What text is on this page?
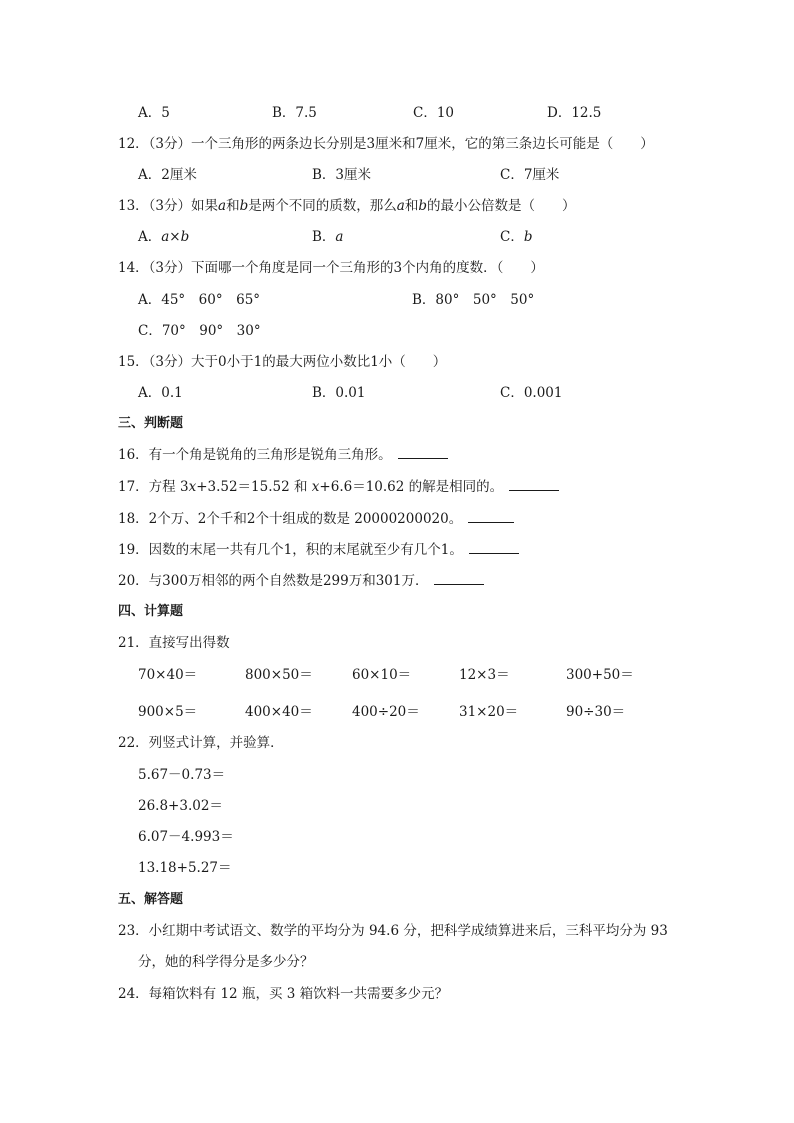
A．5	B．7.5	C．10	D．12.5
12．（3分）一个三角形的两条边长分别是3厘米和7厘米，它的第三条边长可能是（　　）
A．2厘米	B．3厘米	C．7厘米
13．（3分）如果a和b是两个不同的质数，那么a和b的最小公倍数是（　　）
A．a×b	B．a	C．b
14．（3分）下面哪一个角度是同一个三角形的3个内角的度数．（　　）
A．45°　60°　65°	B．80°　50°　50°
C．70°　90°　30°
15．（3分）大于0小于1的最大两位小数比1小（　　）
A．0.1	B．0.01	C．0.001
三、判断题
16．有一个角是锐角的三角形是锐角三角形。
17．方程 3x+3.52＝15.52 和 x+6.6＝10.62 的解是相同的。
18．2个万、2个千和2个十组成的数是 20000200020。
19．因数的末尾一共有几个1，积的末尾就至少有几个1。
20．与300万相邻的两个自然数是299万和301万．
四、计算题
21．直接写出得数
70×40＝	800×50＝	60×10＝	12×3＝	300+50＝
900×5＝	400×40＝	400÷20＝	31×20＝	90÷30＝
22．列竖式计算，并验算．
5.67－0.73＝
26.8+3.02＝
6.07－4.993＝
13.18+5.27＝
五、解答题
23．小红期中考试语文、数学的平均分为 94.6 分，把科学成绩算进来后，三科平均分为 93
分，她的科学得分是多少分？
24．每箱饮料有 12 瓶，买 3 箱饮料一共需要多少元？
